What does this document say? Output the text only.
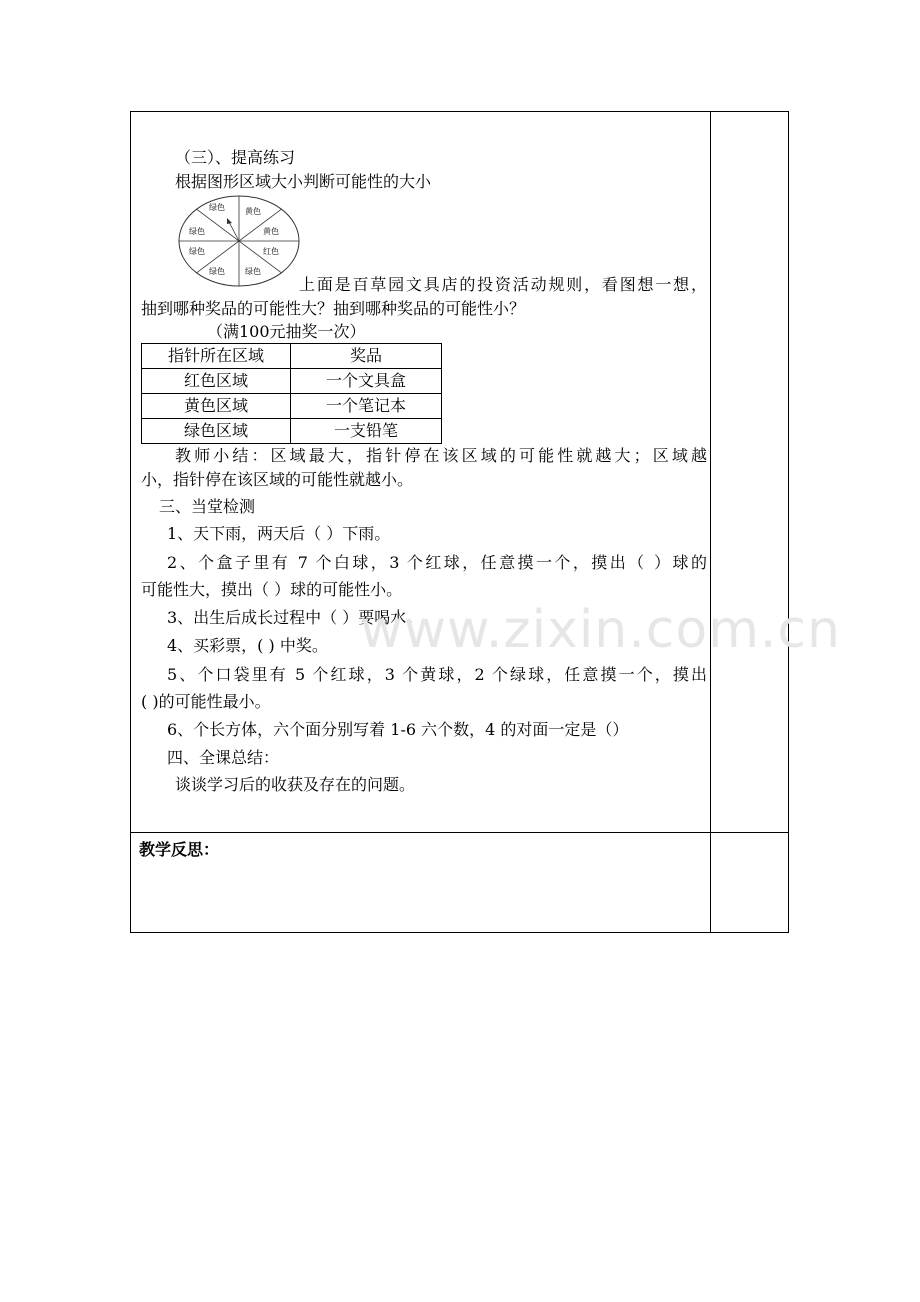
（三）、提高练习
根据图形区域大小判断可能性的大小
绿色	黄色
黄色
红色
绿色
绿色
绿色
绿色
上面是百草园文具店的投资活动规则，看图想一想，
抽到哪种奖品的可能性大？抽到哪种奖品的可能性小？
（满100元抽奖一次）
指针所在区域	奖品
红色区域	一个文具盒
黄色区域	一个笔记本
绿色区域	一支铅笔
教师小结：区域最大，指针停在该区域的可能性就越大；区域越
小，指针停在该区域的可能性就越小。
三、当堂检测
1、天下雨，两天后（ ）下雨。
2、个盒子里有 7 个白球，3 个红球，任意摸一个，摸出（ ）球的
可能性大，摸出（ ）球的可能性小。
3、出生后成长过程中（ ）要喝水。
4、买彩票，( ) 中奖。
5、个口袋里有 5 个红球，3 个黄球，2 个绿球，任意摸一个，摸出
( )的可能性最小。
6、个长方体，六个面分别写着 1-6 六个数，4 的对面一定是（）
四、全课总结：
谈谈学习后的收获及存在的问题。
教学反思：
www.zixin.com.cn
